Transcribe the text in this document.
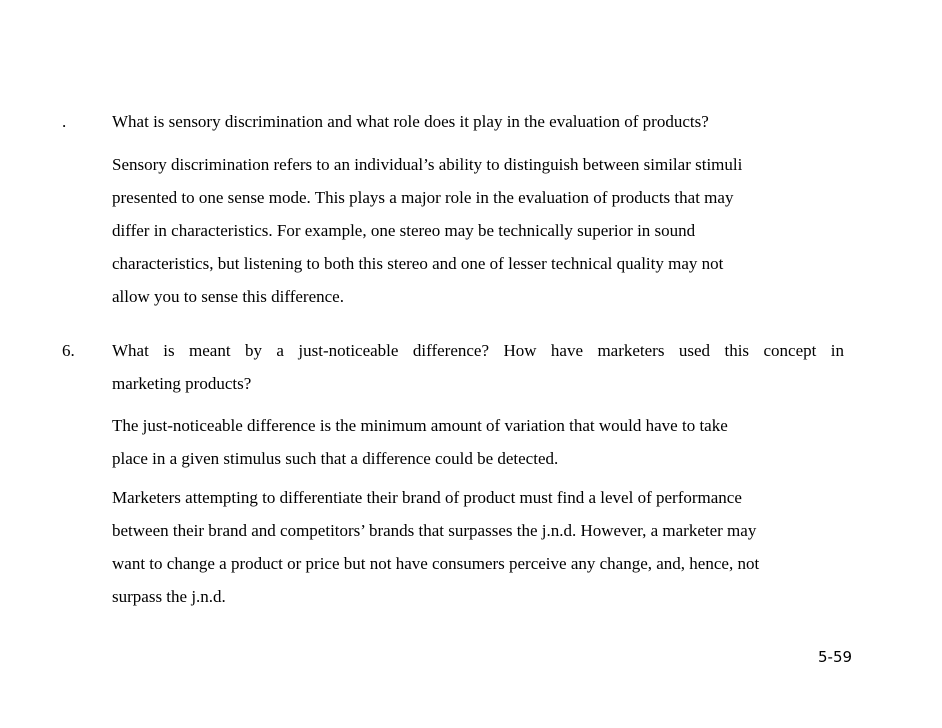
.	What is sensory discrimination and what role does it play in the evaluation of products?
Sensory discrimination refers to an individual’s ability to distinguish between similar stimuli
presented to one sense mode. This plays a major role in the evaluation of products that may
differ in characteristics. For example, one stereo may be technically superior in sound
characteristics, but listening to both this stereo and one of lesser technical quality may not
allow you to sense this difference.
6. What is meant by a just-noticeable difference? How have marketers used this concept in
marketing products?
The just-noticeable difference is the minimum amount of variation that would have to take
place in a given stimulus such that a difference could be detected.
Marketers attempting to differentiate their brand of product must find a level of performance
between their brand and competitors’ brands that surpasses the j.n.d. However, a marketer may
want to change a product or price but not have consumers perceive any change, and, hence, not
surpass the j.n.d.
5-59
